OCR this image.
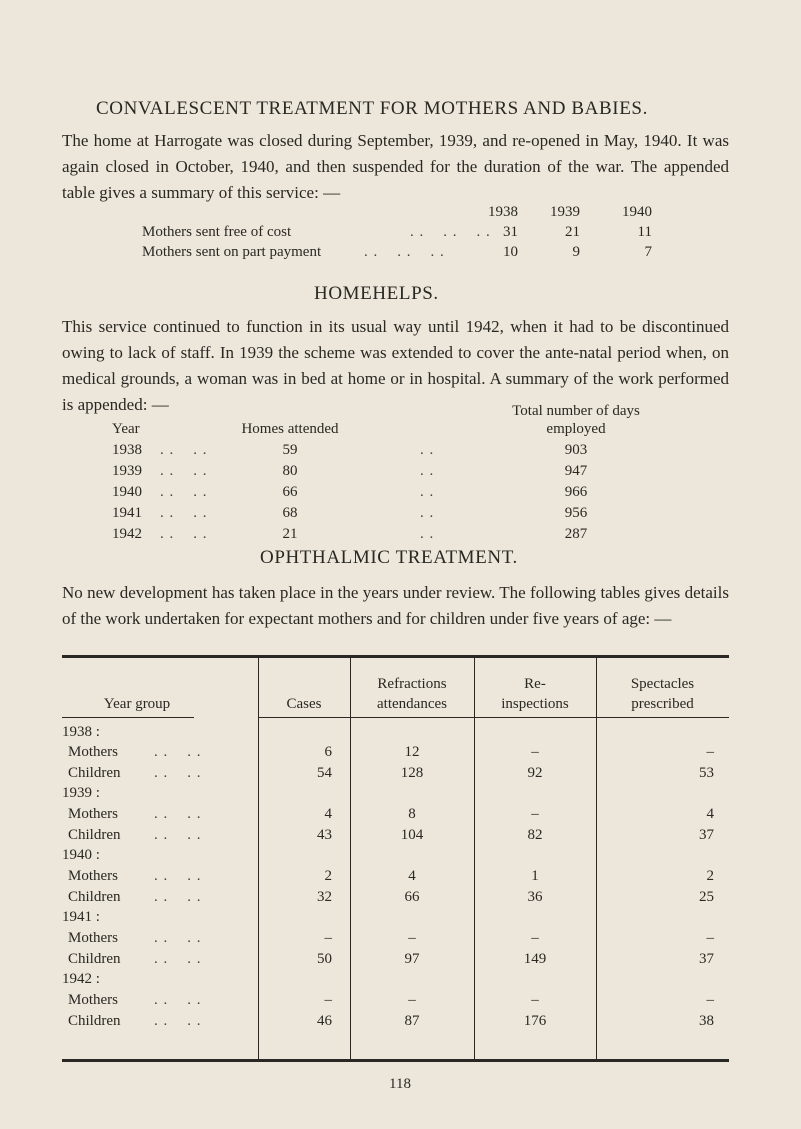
CONVALESCENT TREATMENT FOR MOTHERS AND BABIES.
The home at Harrogate was closed during September, 1939, and re-opened in May, 1940. It was again closed in October, 1940, and then suspended for the duration of the war. The appended table gives a summary of this service: —
1938	1939	1940
Mothers sent free of cost	. .    . .    . . 31	21	11
Mothers sent on part payment	. .    . .    . .	10	9	7
HOMEHELPS.
This service continued to function in its usual way until 1942, when it had to be discontinued owing to lack of staff. In 1939 the scheme was extended to cover the ante-natal period when, on medical grounds, a woman was in bed at home or in hospital. A summary of the work performed is appended: —	Total number of days
Year	Homes attended	employed
1938 . .    . .	59	. .	903
1939 . .    . .	80	. .	947
1940 . .    . .	66	. .	966
1941 . .    . .	68	. .	956
1942 . .    . .	21	. .	287
OPHTHALMIC TREATMENT.
No new development has taken place in the years under review. The following tables gives details of the work undertaken for expectant mothers and for children under five years of age: —
Year group	Cases
Refractions
attendances
Re-
inspections
Spectacles
prescribed
1938 :
Mothers . .    . .	6	12	–	–
Children . .    . .	54	128	92	53
1939 :
Mothers . .    . .	4	8	–	4
Children . .    . .	43	104	82	37
1940 :
Mothers . .    . .	2	4	1	2
Children . .    . .	32	66	36	25
1941 :
Mothers . .    . .	–	–	–	–
Children . .    . .	50	97	149	37
1942 :
Mothers . .    . .	–	–	–	–
Children . .    . .	46	87	176	38
118
